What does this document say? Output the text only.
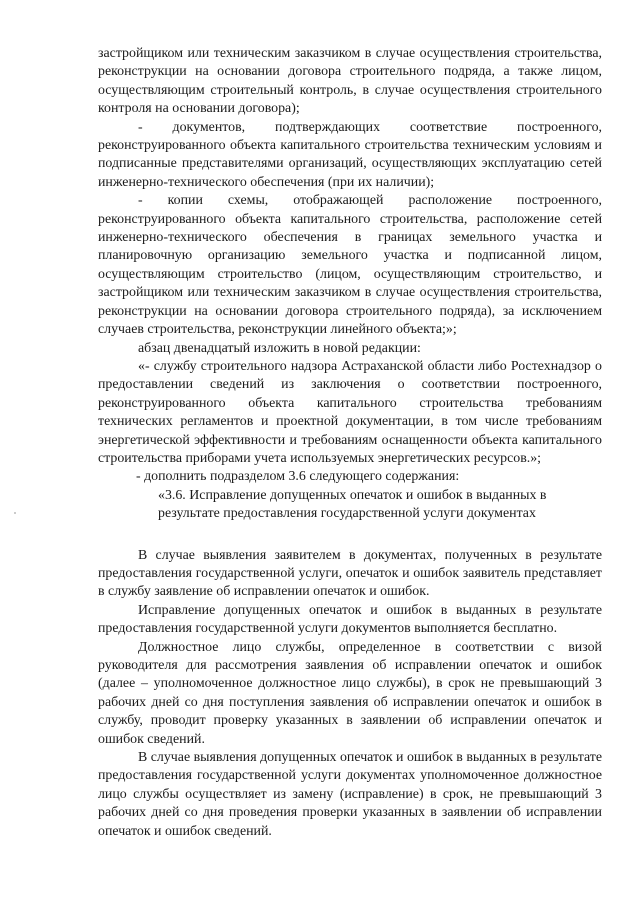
застройщиком или техническим заказчиком в случае осуществления строительства, реконструкции на основании договора строительного подряда, а также лицом, осуществляющим строительный контроль, в случае осуществления строительного контроля на основании договора);

- документов, подтверждающих соответствие построенного, реконструированного объекта капитального строительства техническим условиям и подписанные представителями организаций, осуществляющих эксплуатацию сетей инженерно-технического обеспечения (при их наличии);

- копии схемы, отображающей расположение построенного, реконструированного объекта капитального строительства, расположение сетей инженерно-технического обеспечения в границах земельного участка и планировочную организацию земельного участка и подписанной лицом, осуществляющим строительство (лицом, осуществляющим строительство, и застройщиком или техническим заказчиком в случае осуществления строительства, реконструкции на основании договора строительного подряда), за исключением случаев строительства, реконструкции линейного объекта;»;

абзац двенадцатый изложить в новой редакции:

«- службу строительного надзора Астраханской области либо Ростехнадзор о предоставлении сведений из заключения о соответствии построенного, реконструированного объекта капитального строительства требованиям технических регламентов и проектной документации, в том числе требованиям энергетической эффективности и требованиям оснащенности объекта капитального строительства приборами учета используемых энергетических ресурсов.»;

- дополнить подразделом 3.6 следующего содержания:

«3.6. Исправление допущенных опечаток и ошибок в выданных в результате предоставления государственной услуги документах

В случае выявления заявителем в документах, полученных в результате предоставления государственной услуги, опечаток и ошибок заявитель представляет в службу заявление об исправлении опечаток и ошибок.

Исправление допущенных опечаток и ошибок в выданных в результате предоставления государственной услуги документов выполняется бесплатно.

Должностное лицо службы, определенное в соответствии с визой руководителя для рассмотрения заявления об исправлении опечаток и ошибок (далее – уполномоченное должностное лицо службы), в срок не превышающий 3 рабочих дней со дня поступления заявления об исправлении опечаток и ошибок в службу, проводит проверку указанных в заявлении об исправлении опечаток и ошибок сведений.

В случае выявления допущенных опечаток и ошибок в выданных в результате предоставления государственной услуги документах уполномоченное должностное лицо службы осуществляет из замену (исправление) в срок, не превышающий 3 рабочих дней со дня проведения проверки указанных в заявлении об исправлении опечаток и ошибок сведений.
